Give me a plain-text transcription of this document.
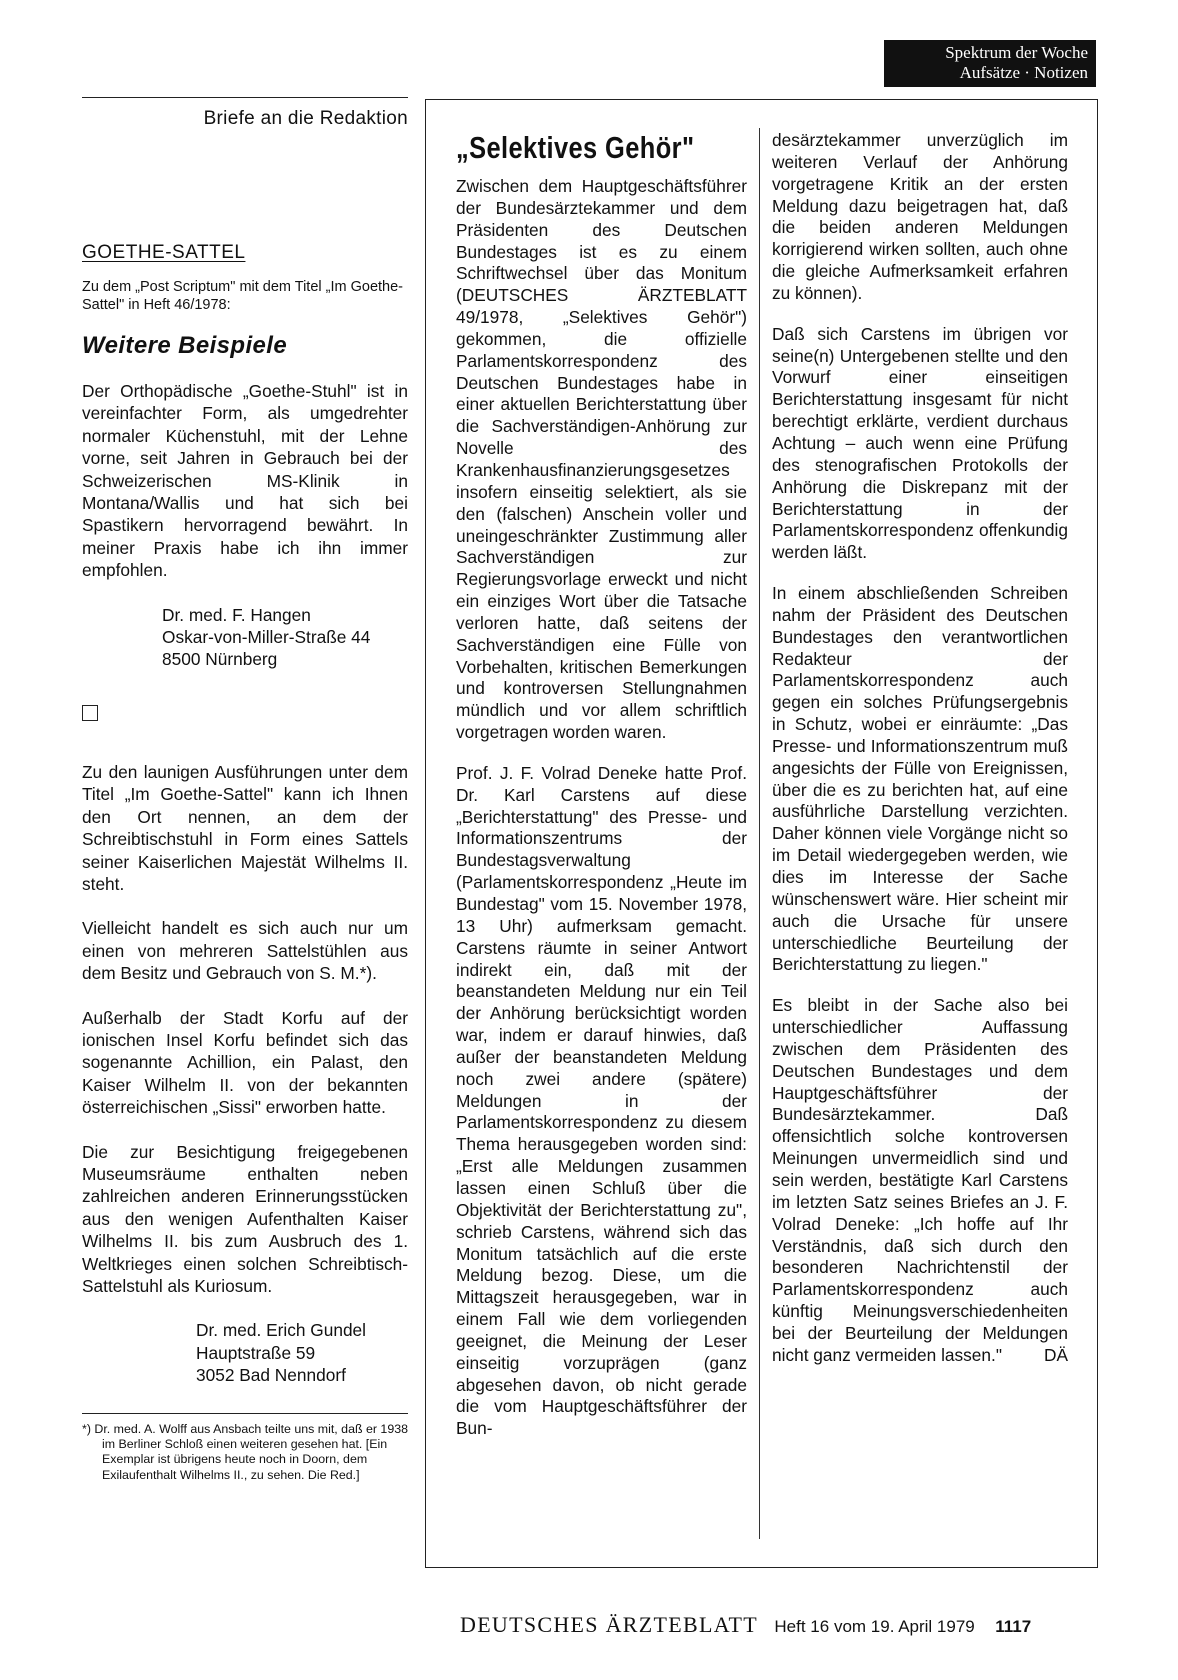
Spektrum der Woche
Aufsätze · Notizen
Briefe an die Redaktion
GOETHE-SATTEL
Zu dem „Post Scriptum" mit dem Titel „Im Goethe-Sattel" in Heft 46/1978:
Weitere Beispiele

Der Orthopädische „Goethe-Stuhl" ist in vereinfachter Form, als umgedrehter normaler Küchenstuhl, mit der Lehne vorne, seit Jahren in Gebrauch bei der Schweizerischen MS-Klinik in Montana/Wallis und hat sich bei Spastikern hervorragend bewährt. In meiner Praxis habe ich ihn immer empfohlen.

Dr. med. F. Hangen
Oskar-von-Miller-Straße 44
8500 Nürnberg

Zu den launigen Ausführungen unter dem Titel „Im Goethe-Sattel" kann ich Ihnen den Ort nennen, an dem der Schreibtischstuhl in Form eines Sattels seiner Kaiserlichen Majestät Wilhelms II. steht.

Vielleicht handelt es sich auch nur um einen von mehreren Sattelstühlen aus dem Besitz und Gebrauch von S. M.*).

Außerhalb der Stadt Korfu auf der ionischen Insel Korfu befindet sich das sogenannte Achillion, ein Palast, den Kaiser Wilhelm II. von der bekannten österreichischen „Sissi" erworben hatte.

Die zur Besichtigung freigegebenen Museumsräume enthalten neben zahlreichen anderen Erinnerungsstücken aus den wenigen Aufenthalten Kaiser Wilhelms II. bis zum Ausbruch des 1. Weltkrieges einen solchen Schreibtisch-Sattelstuhl als Kuriosum.

Dr. med. Erich Gundel
Hauptstraße 59
3052 Bad Nenndorf
*) Dr. med. A. Wolff aus Ansbach teilte uns mit, daß er 1938 im Berliner Schloß einen weiteren gesehen hat. [Ein Exemplar ist übrigens heute noch in Doorn, dem Exilaufenthalt Wilhelms II., zu sehen. Die Red.]
„Selektives Gehör"

Zwischen dem Hauptgeschäftsführer der Bundesärztekammer und dem Präsidenten des Deutschen Bundestages ist es zu einem Schriftwechsel über das Monitum (DEUTSCHES ÄRZTEBLATT 49/1978, „Selektives Gehör") gekommen, die offizielle Parlamentskorrespondenz des Deutschen Bundestages habe in einer aktuellen Berichterstattung über die Sachverständigen-Anhörung zur Novelle des Krankenhausfinanzierungsgesetzes insofern einseitig selektiert, als sie den (falschen) Anschein voller und uneingeschränkter Zustimmung aller Sachverständigen zur Regierungsvorlage erweckt und nicht ein einziges Wort über die Tatsache verloren hatte, daß seitens der Sachverständigen eine Fülle von Vorbehalten, kritischen Bemerkungen und kontroversen Stellungnahmen mündlich und vor allem schriftlich vorgetragen worden waren.

Prof. J. F. Volrad Deneke hatte Prof. Dr. Karl Carstens auf diese „Berichterstattung" des Presse- und Informationszentrums der Bundestagsverwaltung (Parlamentskorrespondenz „Heute im Bundestag" vom 15. November 1978, 13 Uhr) aufmerksam gemacht. Carstens räumte in seiner Antwort indirekt ein, daß mit der beanstandeten Meldung nur ein Teil der Anhörung berücksichtigt worden war, indem er darauf hinwies, daß außer der beanstandeten Meldung noch zwei andere (spätere) Meldungen in der Parlamentskorrespondenz zu diesem Thema herausgegeben worden sind: „Erst alle Meldungen zusammen lassen einen Schluß über die Objektivität der Berichterstattung zu", schrieb Carstens, während sich das Monitum tatsächlich auf die erste Meldung bezog. Diese, um die Mittagszeit herausgegeben, war in einem Fall wie dem vorliegenden geeignet, die Meinung der Leser einseitig vorzuprägen (ganz abgesehen davon, ob nicht gerade die vom Hauptgeschäftsführer der Bun-

desärztekammer unverzüglich im weiteren Verlauf der Anhörung vorgetragene Kritik an der ersten Meldung dazu beigetragen hat, daß die beiden anderen Meldungen korrigierend wirken sollten, auch ohne die gleiche Aufmerksamkeit erfahren zu können).

Daß sich Carstens im übrigen vor seine(n) Untergebenen stellte und den Vorwurf einer einseitigen Berichterstattung insgesamt für nicht berechtigt erklärte, verdient durchaus Achtung – auch wenn eine Prüfung des stenografischen Protokolls der Anhörung die Diskrepanz mit der Berichterstattung in der Parlamentskorrespondenz offenkundig werden läßt.

In einem abschließenden Schreiben nahm der Präsident des Deutschen Bundestages den verantwortlichen Redakteur der Parlamentskorrespondenz auch gegen ein solches Prüfungsergebnis in Schutz, wobei er einräumte: „Das Presse- und Informationszentrum muß angesichts der Fülle von Ereignissen, über die es zu berichten hat, auf eine ausführliche Darstellung verzichten. Daher können viele Vorgänge nicht so im Detail wiedergegeben werden, wie dies im Interesse der Sache wünschenswert wäre. Hier scheint mir auch die Ursache für unsere unterschiedliche Beurteilung der Berichterstattung zu liegen."

Es bleibt in der Sache also bei unterschiedlicher Auffassung zwischen dem Präsidenten des Deutschen Bundestages und dem Hauptgeschäftsführer der Bundesärztekammer. Daß offensichtlich solche kontroversen Meinungen unvermeidlich sind und sein werden, bestätigte Karl Carstens im letzten Satz seines Briefes an J. F. Volrad Deneke: „Ich hoffe auf Ihr Verständnis, daß sich durch den besonderen Nachrichtenstil der Parlamentskorrespondenz auch künftig Meinungsverschiedenheiten bei der Beurteilung der Meldungen nicht ganz vermeiden lassen." DÄ

DEUTSCHES ÄRZTEBLATT Heft 16 vom 19. April 1979 1117
